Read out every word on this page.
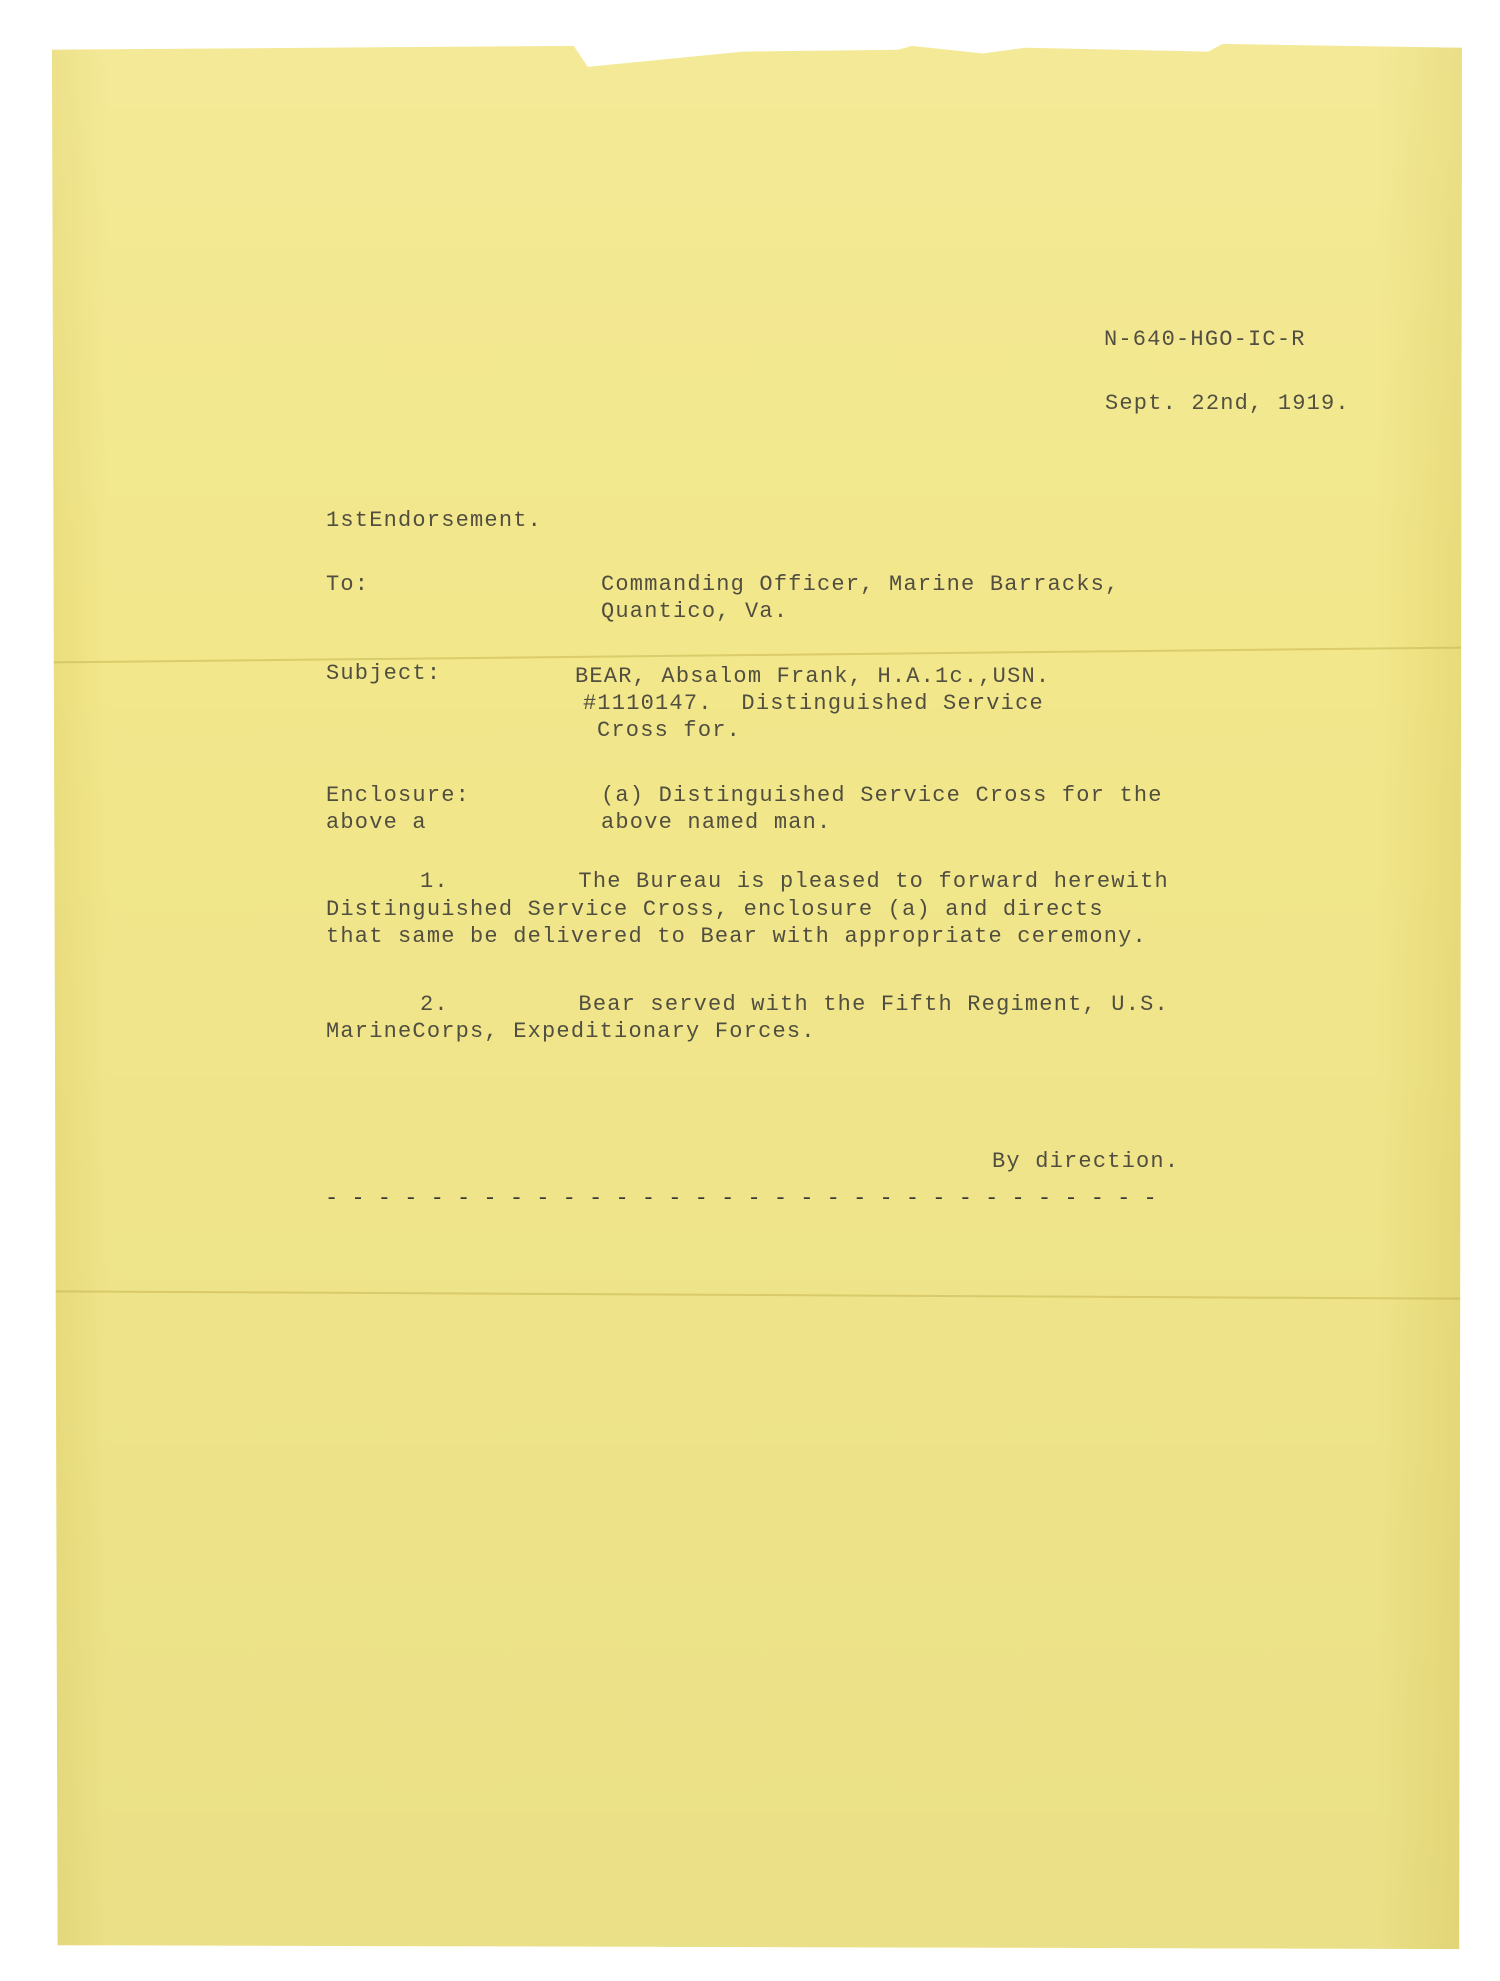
N-640-HGO-IC-R
Sept. 22nd, 1919.
1stEndorsement.
To:	Commanding Officer, Marine Barracks,
Quantico, Va.
Subject:	BEAR, Absalom Frank, H.A.1c.,USN.
#1110147.  Distinguished Service
Cross for.
Enclosure:
above a
(a) Distinguished Service Cross for the
above named man.
1.         The Bureau is pleased to forward herewith
Distinguished Service Cross, enclosure (a) and directs
that same be delivered to Bear with appropriate ceremony.
2.         Bear served with the Fifth Regiment, U.S.
MarineCorps, Expeditionary Forces.
By direction.
- - - - - - - - - - - - - - - - - - - - - - - - - - - - - - - -
